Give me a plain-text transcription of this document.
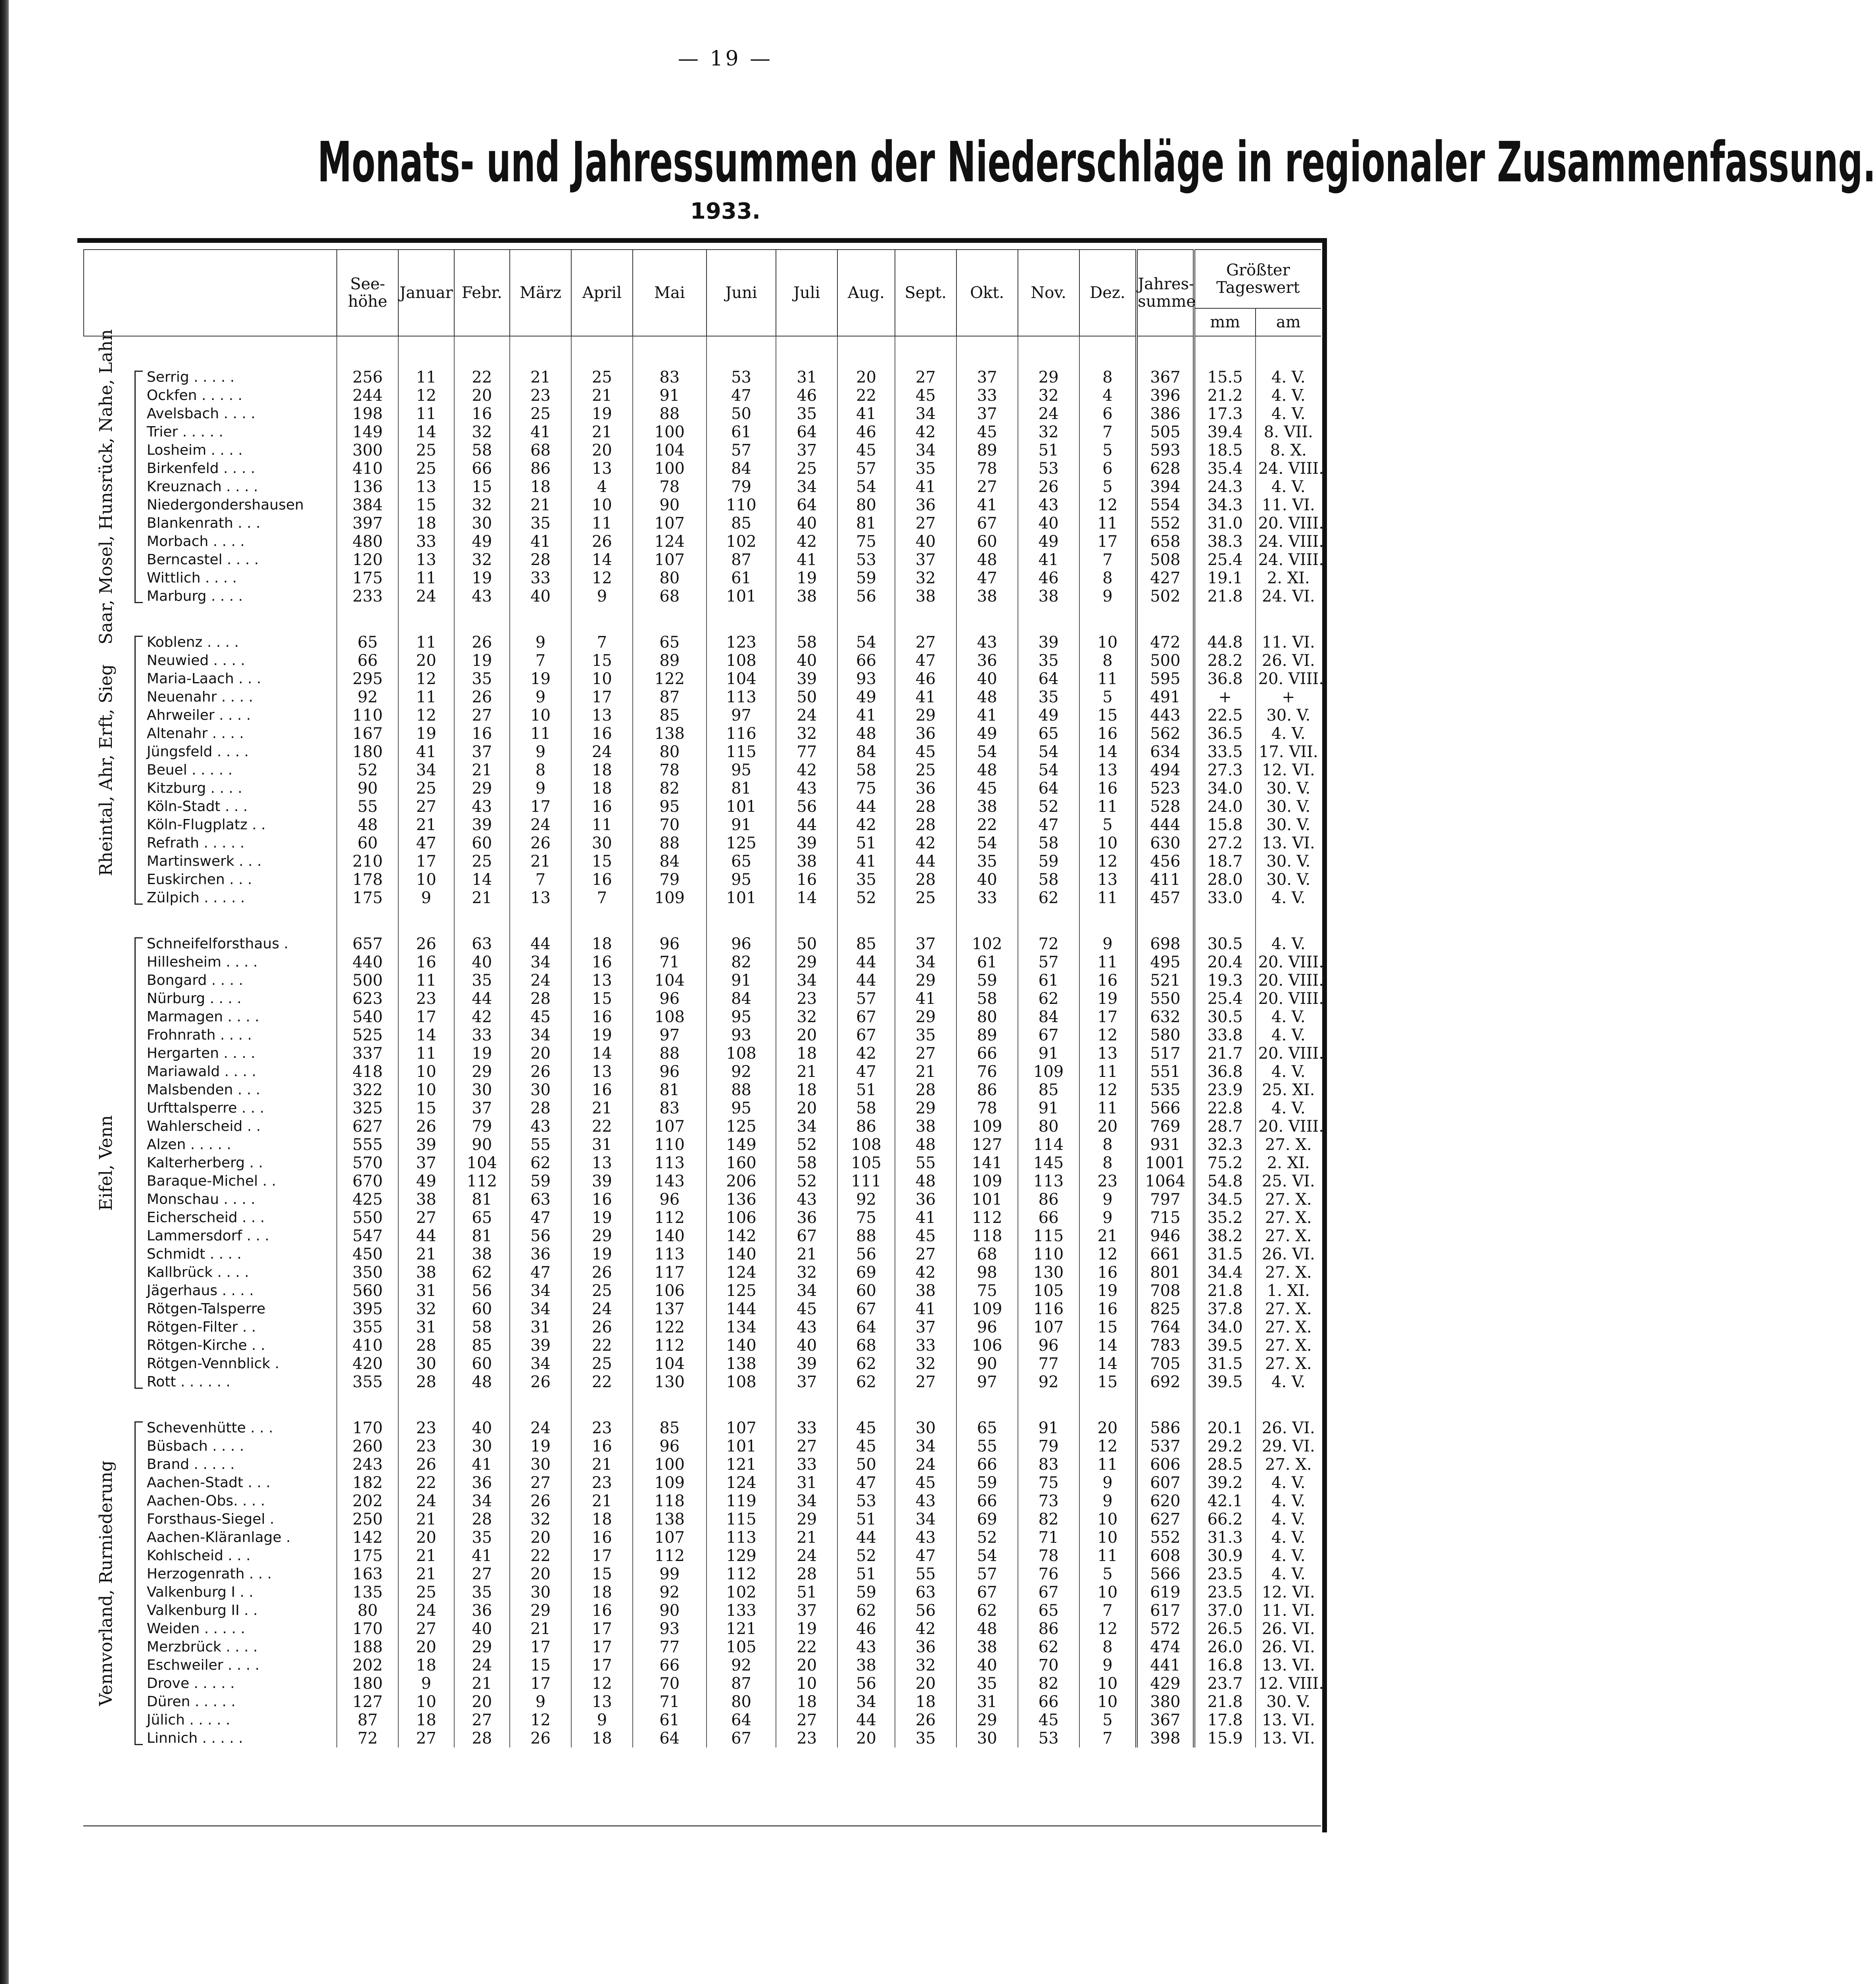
— 19 —
Monats- und Jahressummen der Niederschläge in regionaler Zusammenfassung.
1933.
			See-höhe	Januar	Febr.	März	April	Mai	Juni	Juli	Aug.	Sept.	Okt.	Nov.	Dez.	Jahres-summe	Größter Tageswert	
																	mm	am

Saar, Mosel, Hunsrück, Nahe, Lahn		Serrig . . . . .	256	11	22	21	25	83	53	31	20	27	37	29	8	367	15.5	4. V.
		Ockfen . . . . .	244	12	20	23	21	91	47	46	22	45	33	32	4	396	21.2	4. V.
		Avelsbach . . . .	198	11	16	25	19	88	50	35	41	34	37	24	6	386	17.3	4. V.
		Trier . . . . .	149	14	32	41	21	100	61	64	46	42	45	32	7	505	39.4	8. VII.
		Losheim . . . .	300	25	58	68	20	104	57	37	45	34	89	51	5	593	18.5	8. X.
		Birkenfeld . . . .	410	25	66	86	13	100	84	25	57	35	78	53	6	628	35.4	24. VIII.
		Kreuznach . . . .	136	13	15	18	4	78	79	34	54	41	27	26	5	394	24.3	4. V.
		Niedergondershausen	384	15	32	21	10	90	110	64	80	36	41	43	12	554	34.3	11. VI.
		Blankenrath . . .	397	18	30	35	11	107	85	40	81	27	67	40	11	552	31.0	20. VIII.
		Morbach . . . .	480	33	49	41	26	124	102	42	75	40	60	49	17	658	38.3	24. VIII.
		Berncastel . . . .	120	13	32	28	14	107	87	41	53	37	48	41	7	508	25.4	24. VIII.
		Wittlich . . . .	175	11	19	33	12	80	61	19	59	32	47	46	8	427	19.1	2. XI.
		Marburg . . . .	233	24	43	40	9	68	101	38	56	38	38	38	9	502	21.8	24. VI.

Rheintal, Ahr, Erft, Sieg		Koblenz . . . .	65	11	26	9	7	65	123	58	54	27	43	39	10	472	44.8	11. VI.
		Neuwied . . . .	66	20	19	7	15	89	108	40	66	47	36	35	8	500	28.2	26. VI.
		Maria-Laach . . .	295	12	35	19	10	122	104	39	93	46	40	64	11	595	36.8	20. VIII.
		Neuenahr . . . .	92	11	26	9	17	87	113	50	49	41	48	35	5	491	+	+
		Ahrweiler . . . .	110	12	27	10	13	85	97	24	41	29	41	49	15	443	22.5	30. V.
		Altenahr . . . .	167	19	16	11	16	138	116	32	48	36	49	65	16	562	36.5	4. V.
		Jüngsfeld . . . .	180	41	37	9	24	80	115	77	84	45	54	54	14	634	33.5	17. VII.
		Beuel . . . . .	52	34	21	8	18	78	95	42	58	25	48	54	13	494	27.3	12. VI.
		Kitzburg . . . .	90	25	29	9	18	82	81	43	75	36	45	64	16	523	34.0	30. V.
		Köln-Stadt . . .	55	27	43	17	16	95	101	56	44	28	38	52	11	528	24.0	30. V.
		Köln-Flugplatz . .	48	21	39	24	11	70	91	44	42	28	22	47	5	444	15.8	30. V.
		Refrath . . . . .	60	47	60	26	30	88	125	39	51	42	54	58	10	630	27.2	13. VI.
		Martinswerk . . .	210	17	25	21	15	84	65	38	41	44	35	59	12	456	18.7	30. V.
		Euskirchen . . .	178	10	14	7	16	79	95	16	35	28	40	58	13	411	28.0	30. V.
		Zülpich . . . . .	175	9	21	13	7	109	101	14	52	25	33	62	11	457	33.0	4. V.

Eifel, Venn		Schneifelforsthaus .	657	26	63	44	18	96	96	50	85	37	102	72	9	698	30.5	4. V.
		Hillesheim . . . .	440	16	40	34	16	71	82	29	44	34	61	57	11	495	20.4	20. VIII.
		Bongard . . . .	500	11	35	24	13	104	91	34	44	29	59	61	16	521	19.3	20. VIII.
		Nürburg . . . .	623	23	44	28	15	96	84	23	57	41	58	62	19	550	25.4	20. VIII.
		Marmagen . . . .	540	17	42	45	16	108	95	32	67	29	80	84	17	632	30.5	4. V.
		Frohnrath . . . .	525	14	33	34	19	97	93	20	67	35	89	67	12	580	33.8	4. V.
		Hergarten . . . .	337	11	19	20	14	88	108	18	42	27	66	91	13	517	21.7	20. VIII.
		Mariawald . . . .	418	10	29	26	13	96	92	21	47	21	76	109	11	551	36.8	4. V.
		Malsbenden . . .	322	10	30	30	16	81	88	18	51	28	86	85	12	535	23.9	25. XI.
		Urfttalsperre . . .	325	15	37	28	21	83	95	20	58	29	78	91	11	566	22.8	4. V.
		Wahlerscheid . .	627	26	79	43	22	107	125	34	86	38	109	80	20	769	28.7	20. VIII.
		Alzen . . . . .	555	39	90	55	31	110	149	52	108	48	127	114	8	931	32.3	27. X.
		Kalterherberg . .	570	37	104	62	13	113	160	58	105	55	141	145	8	1001	75.2	2. XI.
		Baraque-Michel . .	670	49	112	59	39	143	206	52	111	48	109	113	23	1064	54.8	25. VI.
		Monschau . . . .	425	38	81	63	16	96	136	43	92	36	101	86	9	797	34.5	27. X.
		Eicherscheid . . .	550	27	65	47	19	112	106	36	75	41	112	66	9	715	35.2	27. X.
		Lammersdorf . . .	547	44	81	56	29	140	142	67	88	45	118	115	21	946	38.2	27. X.
		Schmidt . . . .	450	21	38	36	19	113	140	21	56	27	68	110	12	661	31.5	26. VI.
		Kallbrück . . . .	350	38	62	47	26	117	124	32	69	42	98	130	16	801	34.4	27. X.
		Jägerhaus . . . .	560	31	56	34	25	106	125	34	60	38	75	105	19	708	21.8	1. XI.
		Rötgen-Talsperre	395	32	60	34	24	137	144	45	67	41	109	116	16	825	37.8	27. X.
		Rötgen-Filter . .	355	31	58	31	26	122	134	43	64	37	96	107	15	764	34.0	27. X.
		Rötgen-Kirche . .	410	28	85	39	22	112	140	40	68	33	106	96	14	783	39.5	27. X.
		Rötgen-Vennblick .	420	30	60	34	25	104	138	39	62	32	90	77	14	705	31.5	27. X.
		Rott . . . . . .	355	28	48	26	22	130	108	37	62	27	97	92	15	692	39.5	4. V.

Vennvorland, Rurniederung		Schevenhütte . . .	170	23	40	24	23	85	107	33	45	30	65	91	20	586	20.1	26. VI.
		Büsbach . . . .	260	23	30	19	16	96	101	27	45	34	55	79	12	537	29.2	29. VI.
		Brand . . . . .	243	26	41	30	21	100	121	33	50	24	66	83	11	606	28.5	27. X.
		Aachen-Stadt . . .	182	22	36	27	23	109	124	31	47	45	59	75	9	607	39.2	4. V.
		Aachen-Obs. . . .	202	24	34	26	21	118	119	34	53	43	66	73	9	620	42.1	4. V.
		Forsthaus-Siegel .	250	21	28	32	18	138	115	29	51	34	69	82	10	627	66.2	4. V.
		Aachen-Kläranlage .	142	20	35	20	16	107	113	21	44	43	52	71	10	552	31.3	4. V.
		Kohlscheid . . .	175	21	41	22	17	112	129	24	52	47	54	78	11	608	30.9	4. V.
		Herzogenrath . . .	163	21	27	20	15	99	112	28	51	55	57	76	5	566	23.5	4. V.
		Valkenburg I . .	135	25	35	30	18	92	102	51	59	63	67	67	10	619	23.5	12. VI.
		Valkenburg II . .	80	24	36	29	16	90	133	37	62	56	62	65	7	617	37.0	11. VI.
		Weiden . . . . .	170	27	40	21	17	93	121	19	46	42	48	86	12	572	26.5	26. VI.
		Merzbrück . . . .	188	20	29	17	17	77	105	22	43	36	38	62	8	474	26.0	26. VI.
		Eschweiler . . . .	202	18	24	15	17	66	92	20	38	32	40	70	9	441	16.8	13. VI.
		Drove . . . . .	180	9	21	17	12	70	87	10	56	20	35	82	10	429	23.7	12. VIII.
		Düren . . . . .	127	10	20	9	13	71	80	18	34	18	31	66	10	380	21.8	30. V.
		Jülich . . . . .	87	18	27	12	9	61	64	27	44	26	29	45	5	367	17.8	13. VI.
		Linnich . . . . .	72	27	28	26	18	64	67	23	20	35	30	53	7	398	15.9	13. VI.
